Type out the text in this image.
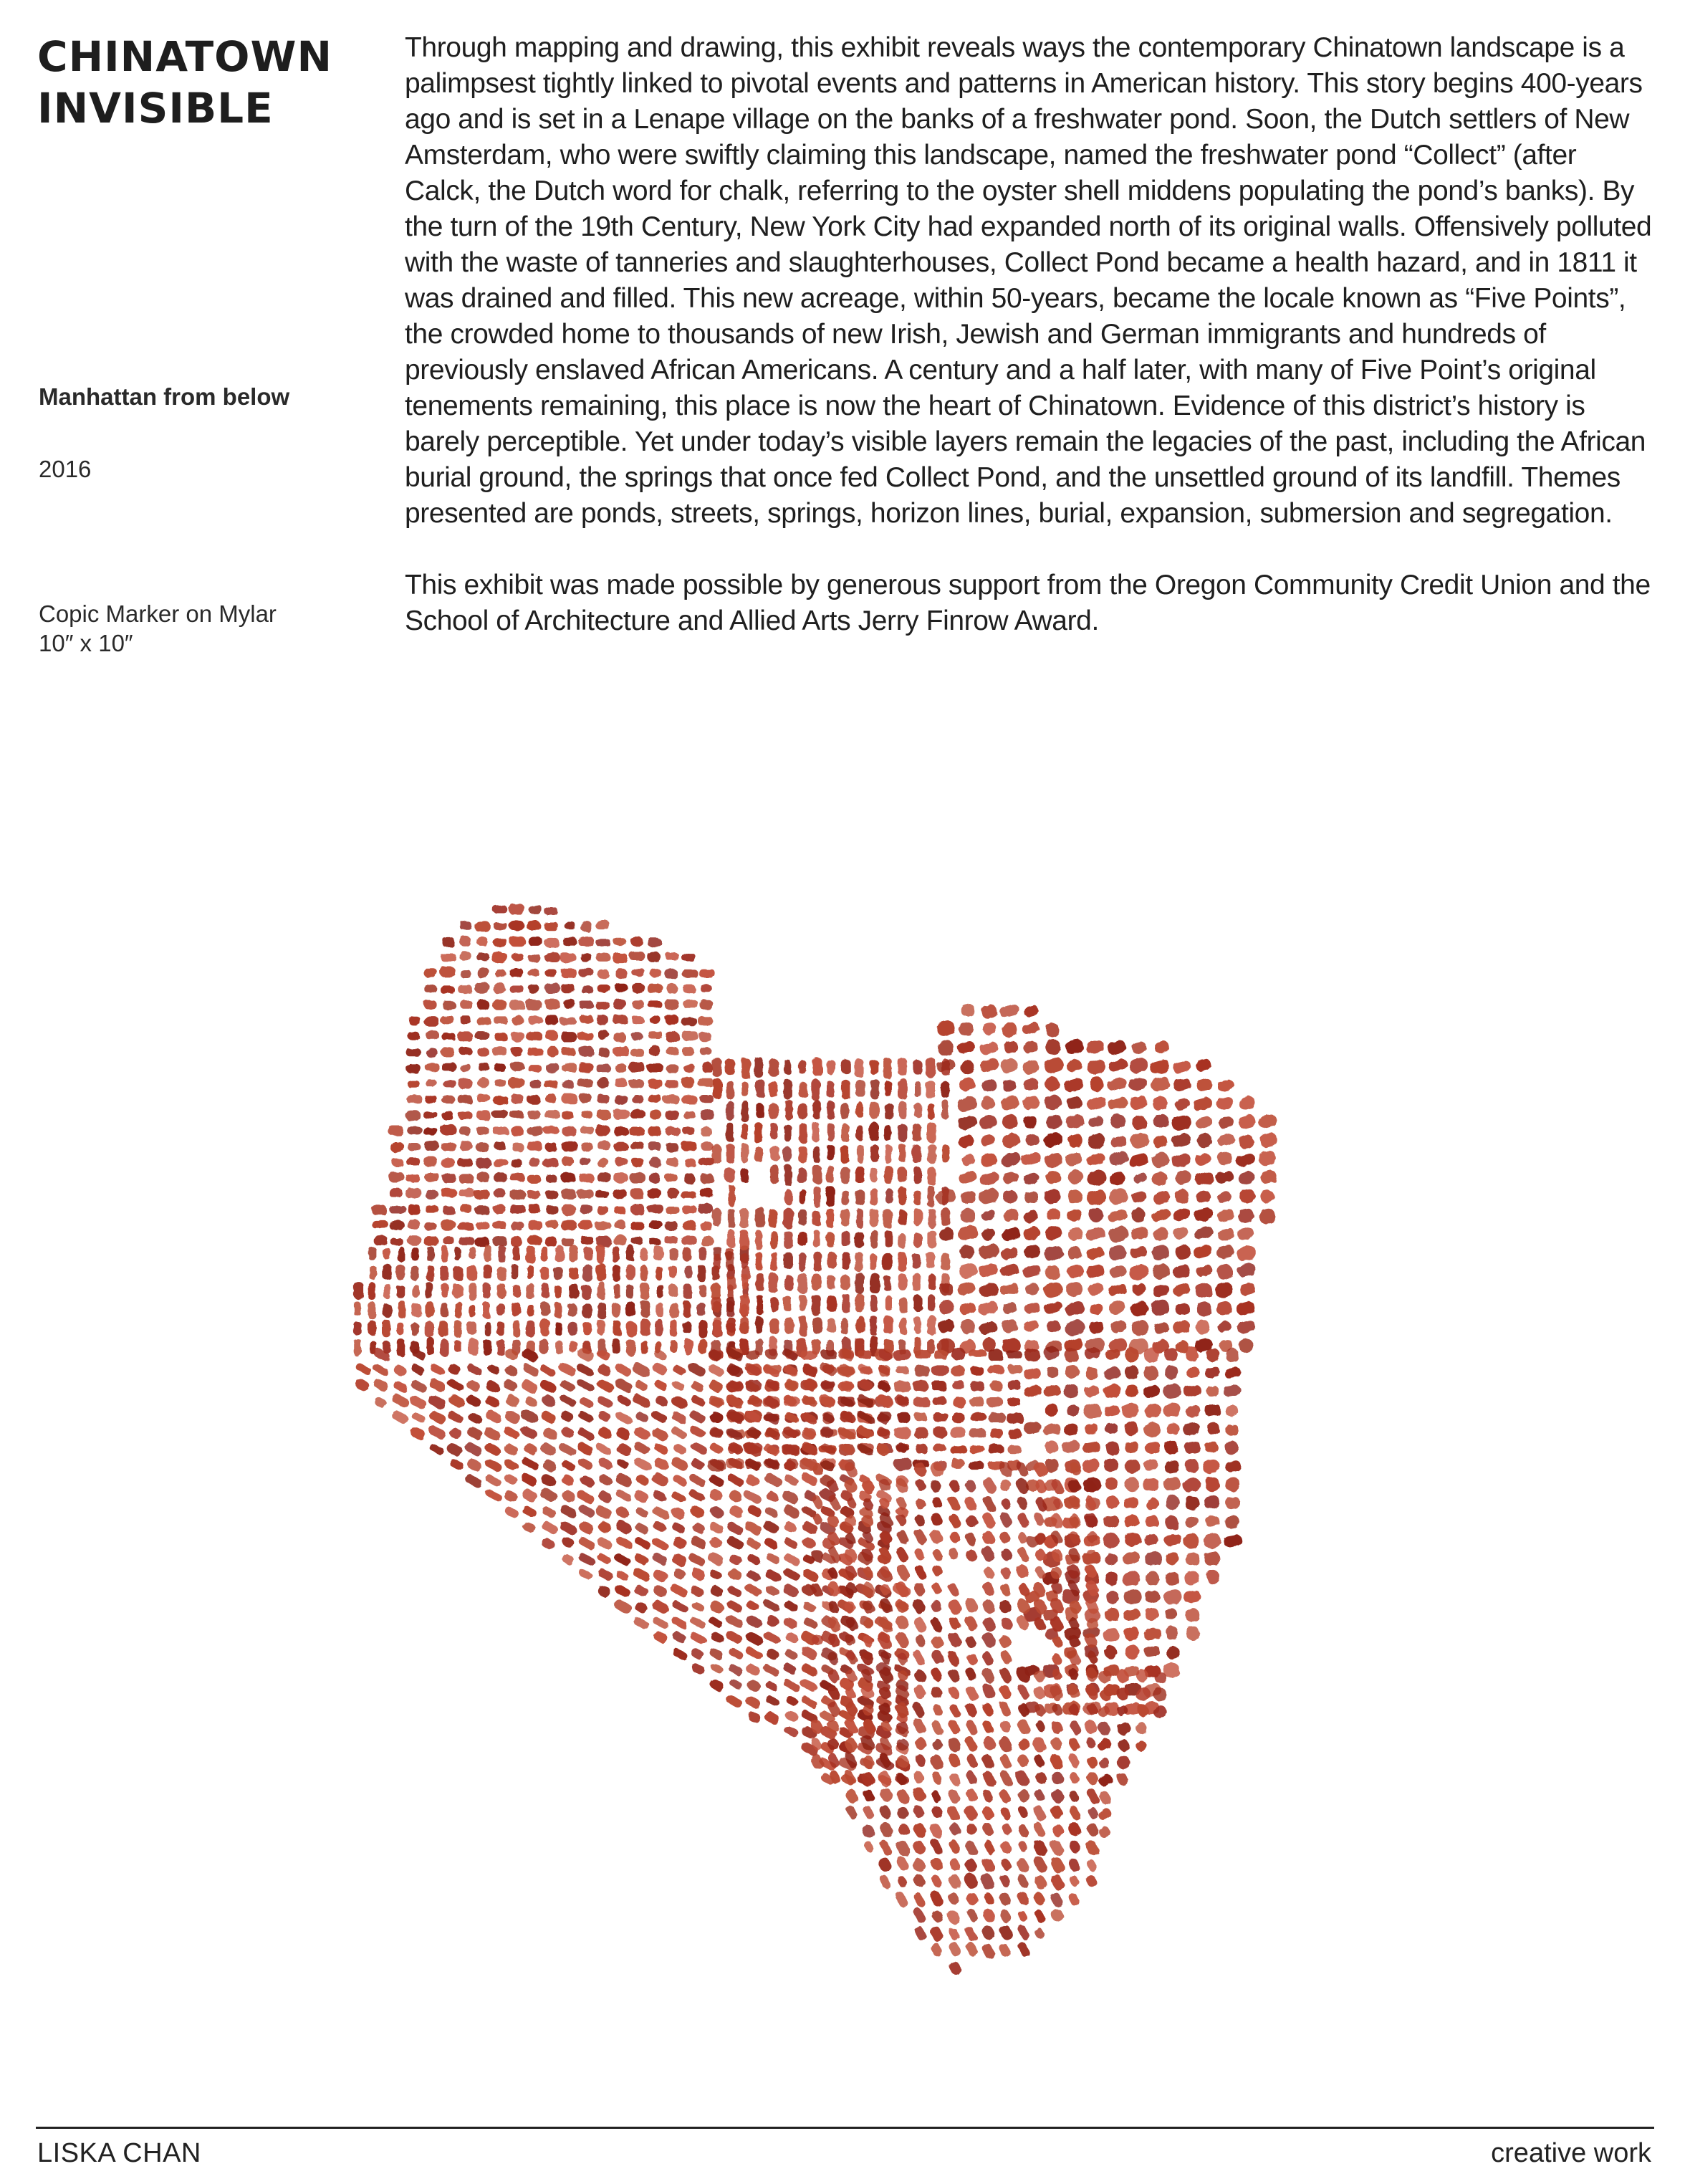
CHINATOWN
INVISIBLE
Manhattan from below
2016
Copic Marker on Mylar
10″ x 10″

Through mapping and drawing, this exhibit reveals ways the contemporary Chinatown landscape is a palimpsest tightly linked to pivotal events and patterns in American history. This story begins 400-years ago and is set in a Lenape village on the banks of a freshwater pond. Soon, the Dutch settlers of New Amsterdam, who were swiftly claiming this landscape, named the freshwater pond “Collect” (after Calck, the Dutch word for chalk, referring to the oyster shell middens populating the pond’s banks). By the turn of the 19th Century, New York City had expanded north of its original walls. Offensively polluted with the waste of tanneries and slaughterhouses, Collect Pond became a health hazard, and in 1811 it was drained and filled. This new acreage, within 50-years, became the locale known as “Five Points”, the crowded home to thousands of new Irish, Jewish and German immigrants and hundreds of previously enslaved African Americans. A century and a half later, with many of Five Point’s original tenements remaining, this place is now the heart of Chinatown. Evidence of this district’s history is barely perceptible. Yet under today’s visible layers remain the legacies of the past, including the African burial ground, the springs that once fed Collect Pond, and the unsettled ground of its landfill. Themes presented are ponds, streets, springs, horizon lines, burial, expansion, submersion and segregation.

This exhibit was made possible by generous support from the Oregon Community Credit Union and the School of Architecture and Allied Arts Jerry Finrow Award.

LISKA CHAN	creative work
